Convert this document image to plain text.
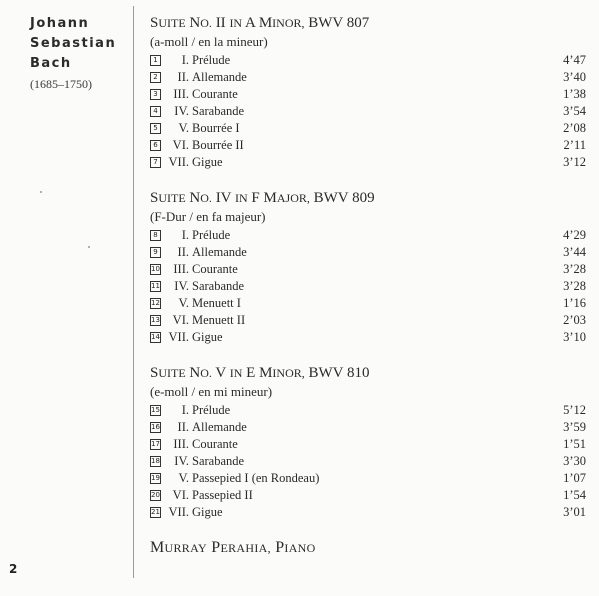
Johann
Sebastian
Bach
(1685–1750)
2
SUITE NO. II IN A MINOR, BWV 807
(a-moll / en la mineur)
1	I. Prélude	4’47
2	II. Allemande	3’40
3	III. Courante	1’38
4	IV. Sarabande	3’54
5	V. Bourrée I	2’08
6	VI. Bourrée II	2’11
7 VII. Gigue	3’12
SUITE NO. IV IN F MAJOR, BWV 809
(F-Dur / en fa majeur)
8	I. Prélude	4’29
9	II. Allemande	3’44
10	III. Courante	3’28
11	IV. Sarabande	3’28
12	V. Menuett I	1’16
13	VI. Menuett II	2’03
14 VII. Gigue	3’10
SUITE NO. V IN E MINOR, BWV 810
(e-moll / en mi mineur)
15	I. Prélude	5’12
16	II. Allemande	3’59
17	III. Courante	1’51
18	IV. Sarabande	3’30
19	V. Passepied I (en Rondeau)	1’07
20	VI. Passepied II	1’54
21 VII. Gigue	3’01
MURRAY PERAHIA, PIANO
